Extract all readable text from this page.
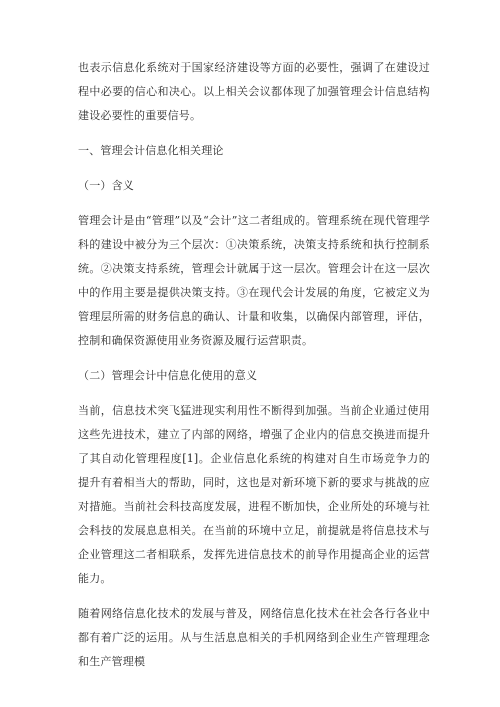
也表示信息化系统对于国家经济建设等方面的必要性，强调了在建设过程中必要的信心和决心。以上相关会议都体现了加强管理会计信息结构建设必要性的重要信号。

一、管理会计信息化相关理论

（一）含义

管理会计是由“管理”以及“会计”这二者组成的。管理系统在现代管理学科的建设中被分为三个层次：①决策系统，决策支持系统和执行控制系统。②决策支持系统，管理会计就属于这一层次。管理会计在这一层次中的作用主要是提供决策支持。③在现代会计发展的角度，它被定义为管理层所需的财务信息的确认、计量和收集，以确保内部管理，评估，控制和确保资源使用业务资源及履行运营职责。

（二）管理会计中信息化使用的意义

当前，信息技术突飞猛进现实利用性不断得到加强。当前企业通过使用这些先进技术，建立了内部的网络，增强了企业内的信息交换进而提升了其自动化管理程度[1]。企业信息化系统的构建对自生市场竞争力的提升有着相当大的帮助，同时，这也是对新环境下新的要求与挑战的应对措施。当前社会科技高度发展，进程不断加快，企业所处的环境与社会科技的发展息息相关。在当前的环境中立足，前提就是将信息技术与企业管理这二者相联系，发挥先进信息技术的前导作用提高企业的运营能力。

随着网络信息化技术的发展与普及，网络信息化技术在社会各行各业中都有着广泛的运用。从与生活息息相关的手机网络到企业生产管理理念和生产管理模
